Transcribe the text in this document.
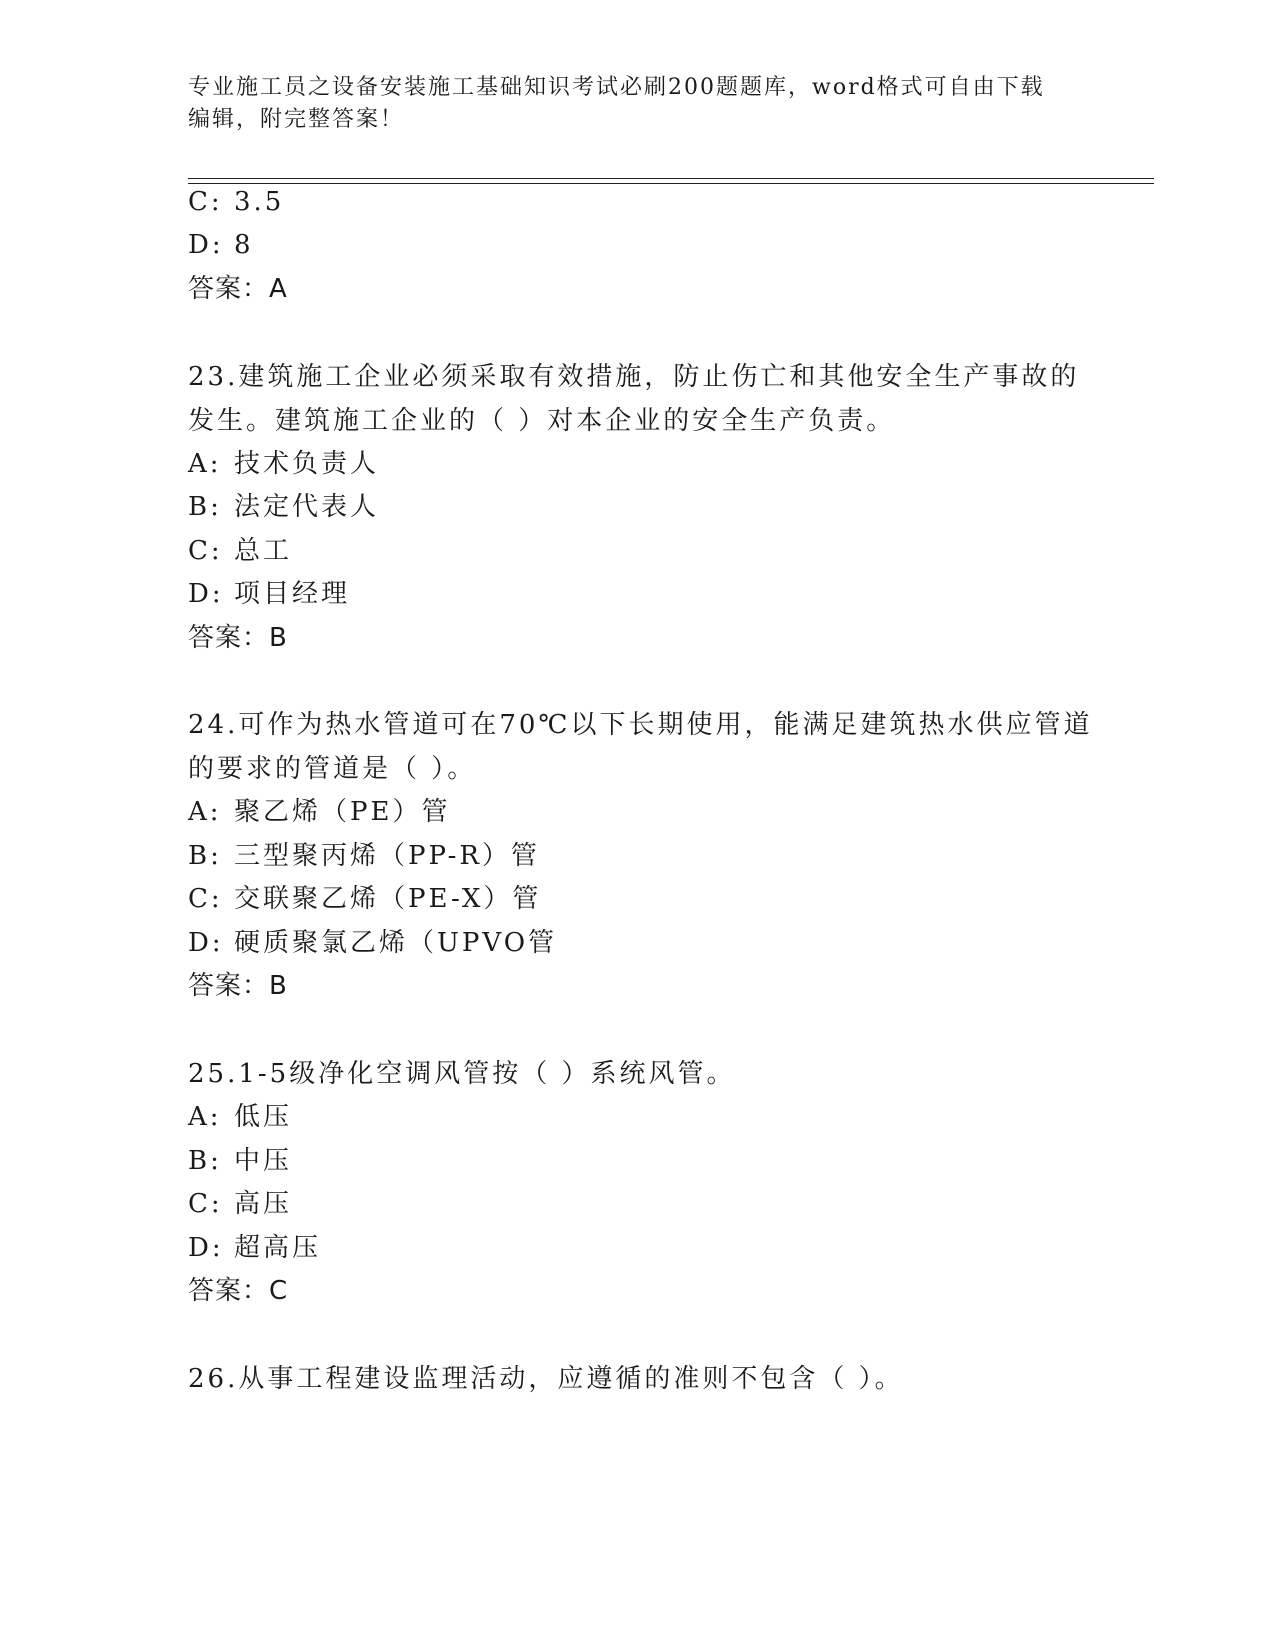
专业施工员之设备安装施工基础知识考试必刷200题题库，word格式可自由下载
编辑，附完整答案！
C: 3.5
D: 8
答案：A
23.建筑施工企业必须采取有效措施，防止伤亡和其他安全生产事故的
发生。建筑施工企业的（ ）对本企业的安全生产负责。
A: 技术负责人
B: 法定代表人
C: 总工
D: 项目经理
答案：B
24.可作为热水管道可在70℃以下长期使用，能满足建筑热水供应管道
的要求的管道是（ ）。
A: 聚乙烯（PE）管
B: 三型聚丙烯（PP-R）管
C: 交联聚乙烯（PE-X）管
D: 硬质聚氯乙烯（UPVO管
答案：B
25.1-5级净化空调风管按（ ）系统风管。
A: 低压
B: 中压
C: 高压
D: 超高压
答案：C
26.从事工程建设监理活动，应遵循的准则不包含（ ）。
